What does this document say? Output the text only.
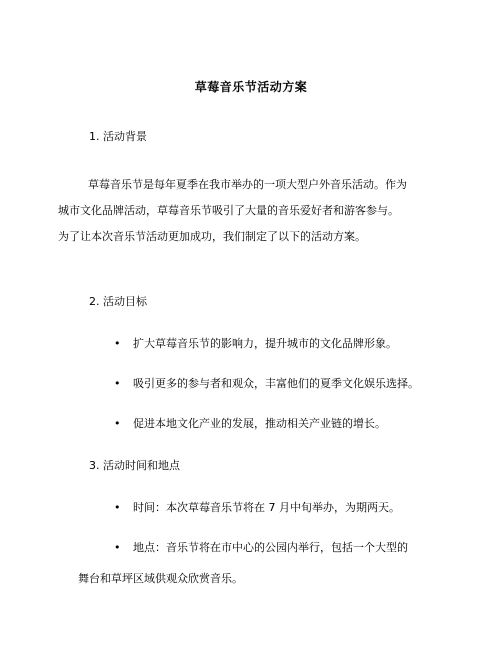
草莓音乐节活动方案
1. 活动背景
草莓音乐节是每年夏季在我市举办的一项大型户外音乐活动。作为
城市文化品牌活动，草莓音乐节吸引了大量的音乐爱好者和游客参与。
为了让本次音乐节活动更加成功，我们制定了以下的活动方案。
2. 活动目标
• 扩大草莓音乐节的影响力，提升城市的文化品牌形象。
• 吸引更多的参与者和观众，丰富他们的夏季文化娱乐选择。
• 促进本地文化产业的发展，推动相关产业链的增长。
3. 活动时间和地点
• 时间：本次草莓音乐节将在 7 月中旬举办，为期两天。
• 地点：音乐节将在市中心的公园内举行，包括一个大型的
舞台和草坪区域供观众欣赏音乐。
